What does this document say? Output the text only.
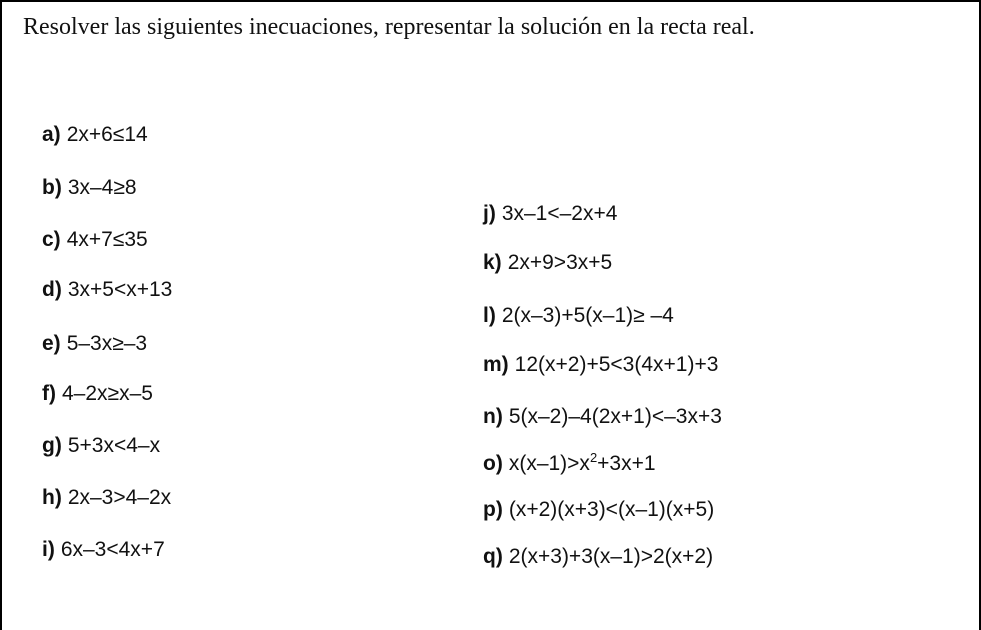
Resolver las siguientes inecuaciones, representar la solución en la recta real.
a) 2x+6≤14
b) 3x–4≥8
c) 4x+7≤35
d) 3x+5<x+13
e) 5–3x≥–3
f) 4–2x≥x–5
g) 5+3x<4–x
h) 2x–3>4–2x
i) 6x–3<4x+7
j) 3x–1<–2x+4
k) 2x+9>3x+5
l) 2(x–3)+5(x–1)≥ –4
m) 12(x+2)+5<3(4x+1)+3
n) 5(x–2)–4(2x+1)<–3x+3
o) $x(x-1)>x^2+3x+1$
p) (x+2)(x+3)<(x–1)(x+5)
q) 2(x+3)+3(x–1)>2(x+2)
